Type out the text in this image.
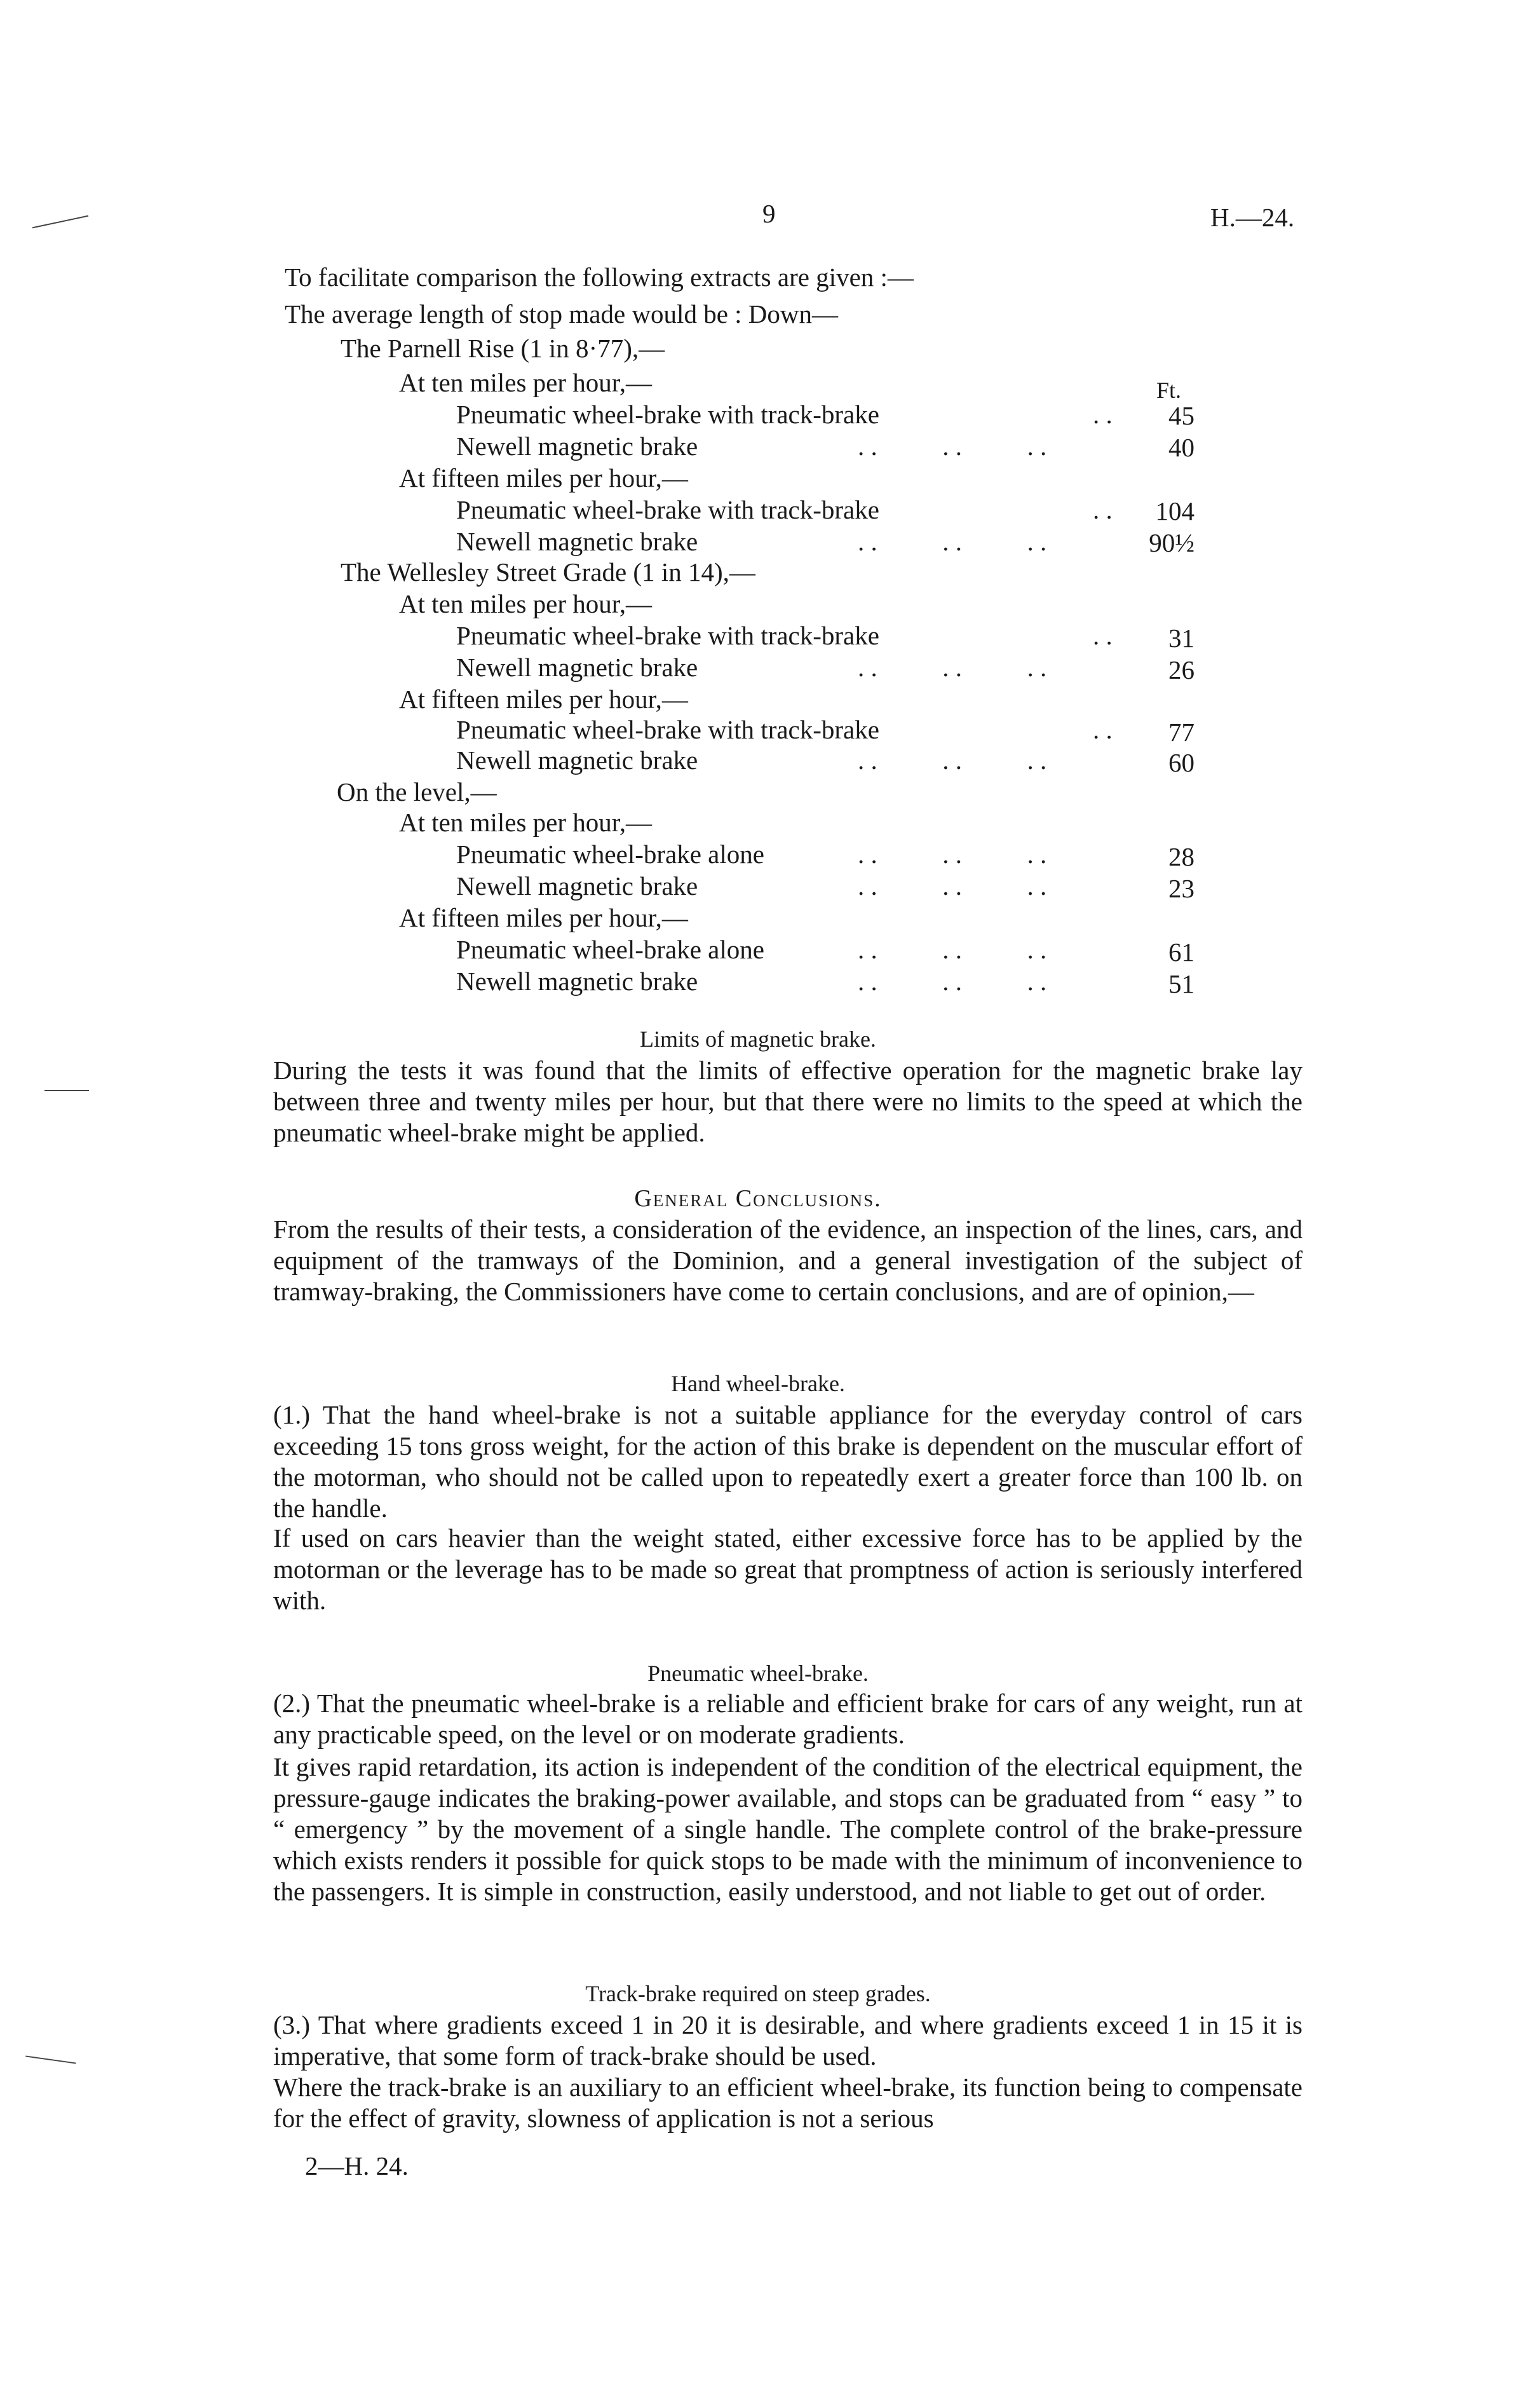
9	H.—24.
To facilitate comparison the following extracts are given :—
The average length of stop made would be : Down—
Ft.
The Parnell Rise (1 in 8·77),—
At ten miles per hour,—
Pneumatic wheel-brake with track-brake	. .	45
Newell magnetic brake	. .          . .          . .	40
At fifteen miles per hour,—
Pneumatic wheel-brake with track-brake	. .	104
Newell magnetic brake	. .          . .          . .	90½
The Wellesley Street Grade (1 in 14),—
At ten miles per hour,—
Pneumatic wheel-brake with track-brake	. .	31
Newell magnetic brake	. .          . .          . .	26
At fifteen miles per hour,—
Pneumatic wheel-brake with track-brake	. .	77
Newell magnetic brake	. .          . .          . .	60
On the level,—
At ten miles per hour,—
Pneumatic wheel-brake alone	. .          . .          . .	28
Newell magnetic brake	. .          . .          . .	23
At fifteen miles per hour,—
Pneumatic wheel-brake alone	. .          . .          . .	61
Newell magnetic brake	. .          . .          . .	51
Limits of magnetic brake.
During the tests it was found that the limits of effective operation for the magnetic brake lay between three and twenty miles per hour, but that there were no limits to the speed at which the pneumatic wheel-brake might be applied.
General Conclusions.
From the results of their tests, a consideration of the evidence, an inspection of the lines, cars, and equipment of the tramways of the Dominion, and a general investigation of the subject of tramway-braking, the Commissioners have come to certain conclusions, and are of opinion,—
Hand wheel-brake.
(1.) That the hand wheel-brake is not a suitable appliance for the everyday control of cars exceeding 15 tons gross weight, for the action of this brake is dependent on the muscular effort of the motorman, who should not be called upon to repeatedly exert a greater force than 100 lb. on the handle.
If used on cars heavier than the weight stated, either excessive force has to be applied by the motorman or the leverage has to be made so great that promptness of action is seriously interfered with.
Pneumatic wheel-brake.
(2.) That the pneumatic wheel-brake is a reliable and efficient brake for cars of any weight, run at any practicable speed, on the level or on moderate gradients.
It gives rapid retardation, its action is independent of the condition of the electrical equipment, the pressure-gauge indicates the braking-power available, and stops can be graduated from “ easy ” to “ emergency ” by the movement of a single handle. The complete control of the brake-pressure which exists renders it possible for quick stops to be made with the minimum of inconvenience to the passengers. It is simple in construction, easily understood, and not liable to get out of order.
Track-brake required on steep grades.
(3.) That where gradients exceed 1 in 20 it is desirable, and where gradients exceed 1 in 15 it is imperative, that some form of track-brake should be used.
Where the track-brake is an auxiliary to an efficient wheel-brake, its function being to compensate for the effect of gravity, slowness of application is not a serious
2—H. 24.
